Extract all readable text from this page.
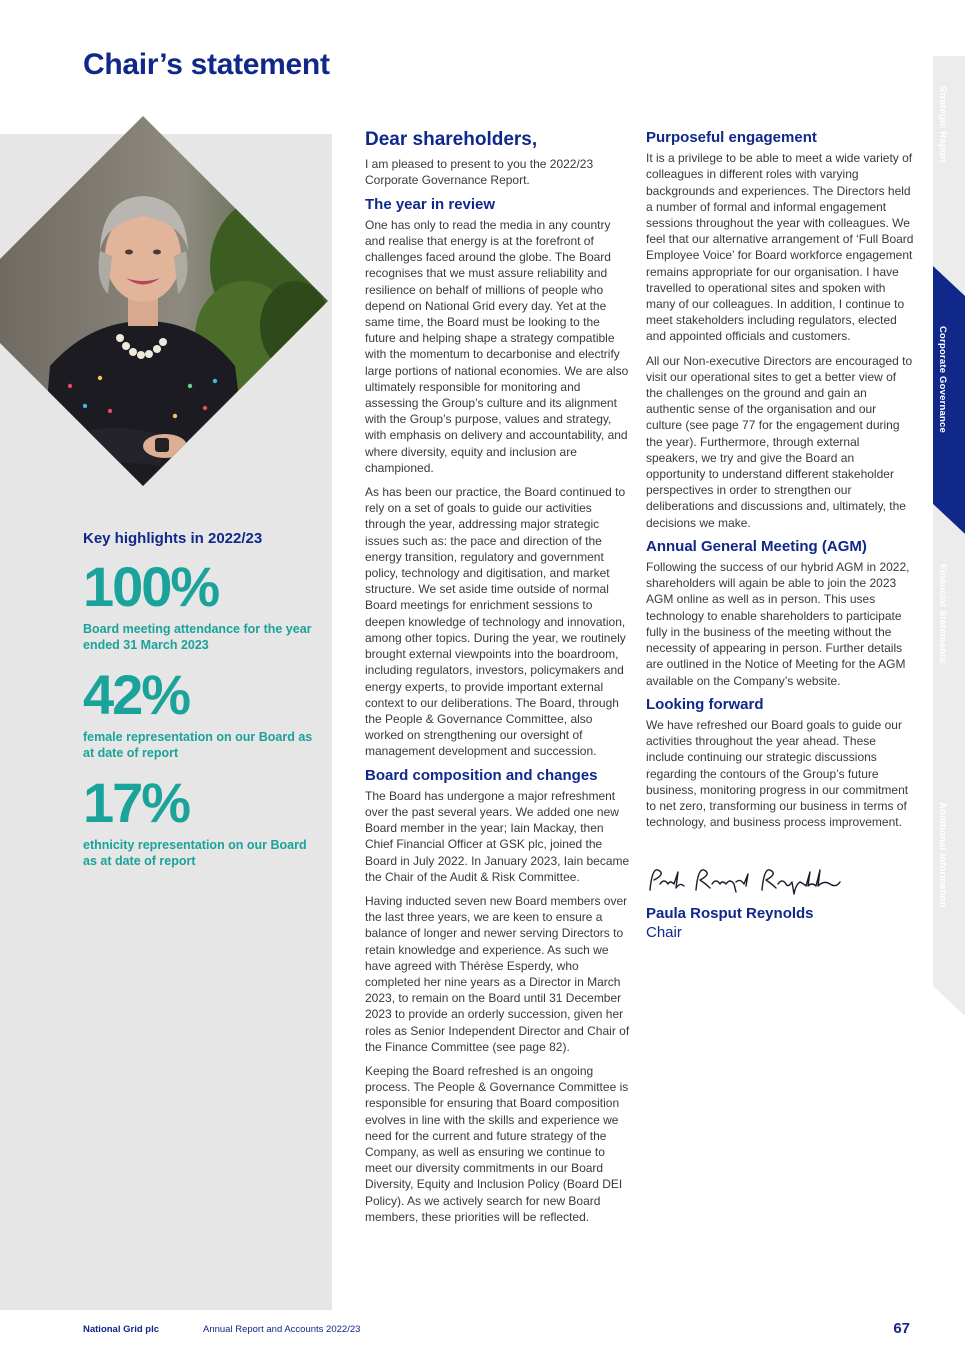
Chair’s statement
Key highlights in 2022/23
100%
Board meeting attendance for the year ended 31 March 2023
42%
female representation on our Board as at date of report
17%
ethnicity representation on our Board as at date of report
Dear shareholders,

I am pleased to present to you the 2022/23 Corporate Governance Report.

The year in review

One has only to read the media in any country and realise that energy is at the forefront of challenges faced around the globe. The Board recognises that we must assure reliability and resilience on behalf of millions of people who depend on National Grid every day. Yet at the same time, the Board must be looking to the future and helping shape a strategy compatible with the momentum to decarbonise and electrify large portions of national economies. We are also ultimately responsible for monitoring and assessing the Group’s culture and its alignment with the Group’s purpose, values and strategy, with emphasis on delivery and accountability, and where diversity, equity and inclusion are championed.

As has been our practice, the Board continued to rely on a set of goals to guide our activities through the year, addressing major strategic issues such as: the pace and direction of the energy transition, regulatory and government policy, technology and digitisation, and market structure. We set aside time outside of normal Board meetings for enrichment sessions to deepen knowledge of technology and innovation, among other topics. During the year, we routinely brought external viewpoints into the boardroom, including regulators, investors, policymakers and energy experts, to provide important external context to our deliberations. The Board, through the People & Governance Committee, also worked on strengthening our oversight of management development and succession.

Board composition and changes

The Board has undergone a major refreshment over the past several years. We added one new Board member in the year; Iain Mackay, then Chief Financial Officer at GSK plc, joined the Board in July 2022. In January 2023, Iain became the Chair of the Audit & Risk Committee.

Having inducted seven new Board members over the last three years, we are keen to ensure a balance of longer and newer serving Directors to retain knowledge and experience. As such we have agreed with Thérèse Esperdy, who completed her nine years as a Director in March 2023, to remain on the Board until 31 December 2023 to provide an orderly succession, given her roles as Senior Independent Director and Chair of the Finance Committee (see page 82).

Keeping the Board refreshed is an ongoing process. The People & Governance Committee is responsible for ensuring that Board composition evolves in line with the skills and experience we need for the current and future strategy of the Company, as well as ensuring we continue to meet our diversity commitments in our Board Diversity, Equity and Inclusion Policy (Board DEI Policy). As we actively search for new Board members, these priorities will be reflected.

Purposeful engagement

It is a privilege to be able to meet a wide variety of colleagues in different roles with varying backgrounds and experiences. The Directors held a number of formal and informal engagement sessions throughout the year with colleagues. We feel that our alternative arrangement of ‘Full Board Employee Voice’ for Board workforce engagement remains appropriate for our organisation. I have travelled to operational sites and spoken with many of our colleagues. In addition, I continue to meet stakeholders including regulators, elected and appointed officials and customers.

All our Non-executive Directors are encouraged to visit our operational sites to get a better view of the challenges on the ground and gain an authentic sense of the organisation and our culture (see page 77 for the engagement during the year). Furthermore, through external speakers, we try and give the Board an opportunity to understand different stakeholder perspectives in order to strengthen our deliberations and discussions and, ultimately, the decisions we make.

Annual General Meeting (AGM)

Following the success of our hybrid AGM in 2022, shareholders will again be able to join the 2023 AGM online as well as in person. This uses technology to enable shareholders to participate fully in the business of the meeting without the necessity of appearing in person. Further details are outlined in the Notice of Meeting for the AGM available on the Company’s website.

Looking forward

We have refreshed our Board goals to guide our activities throughout the year ahead. These include continuing our strategic discussions regarding the contours of the Group’s future business, monitoring progress in our commitment to net zero, transforming our business in terms of technology, and business process improvement.

Paula Rosput Reynolds
Chair
Strategic Report
Corporate Governance
Financial Statements
Additional Information
National Grid plc	Annual Report and Accounts 2022/23	67
